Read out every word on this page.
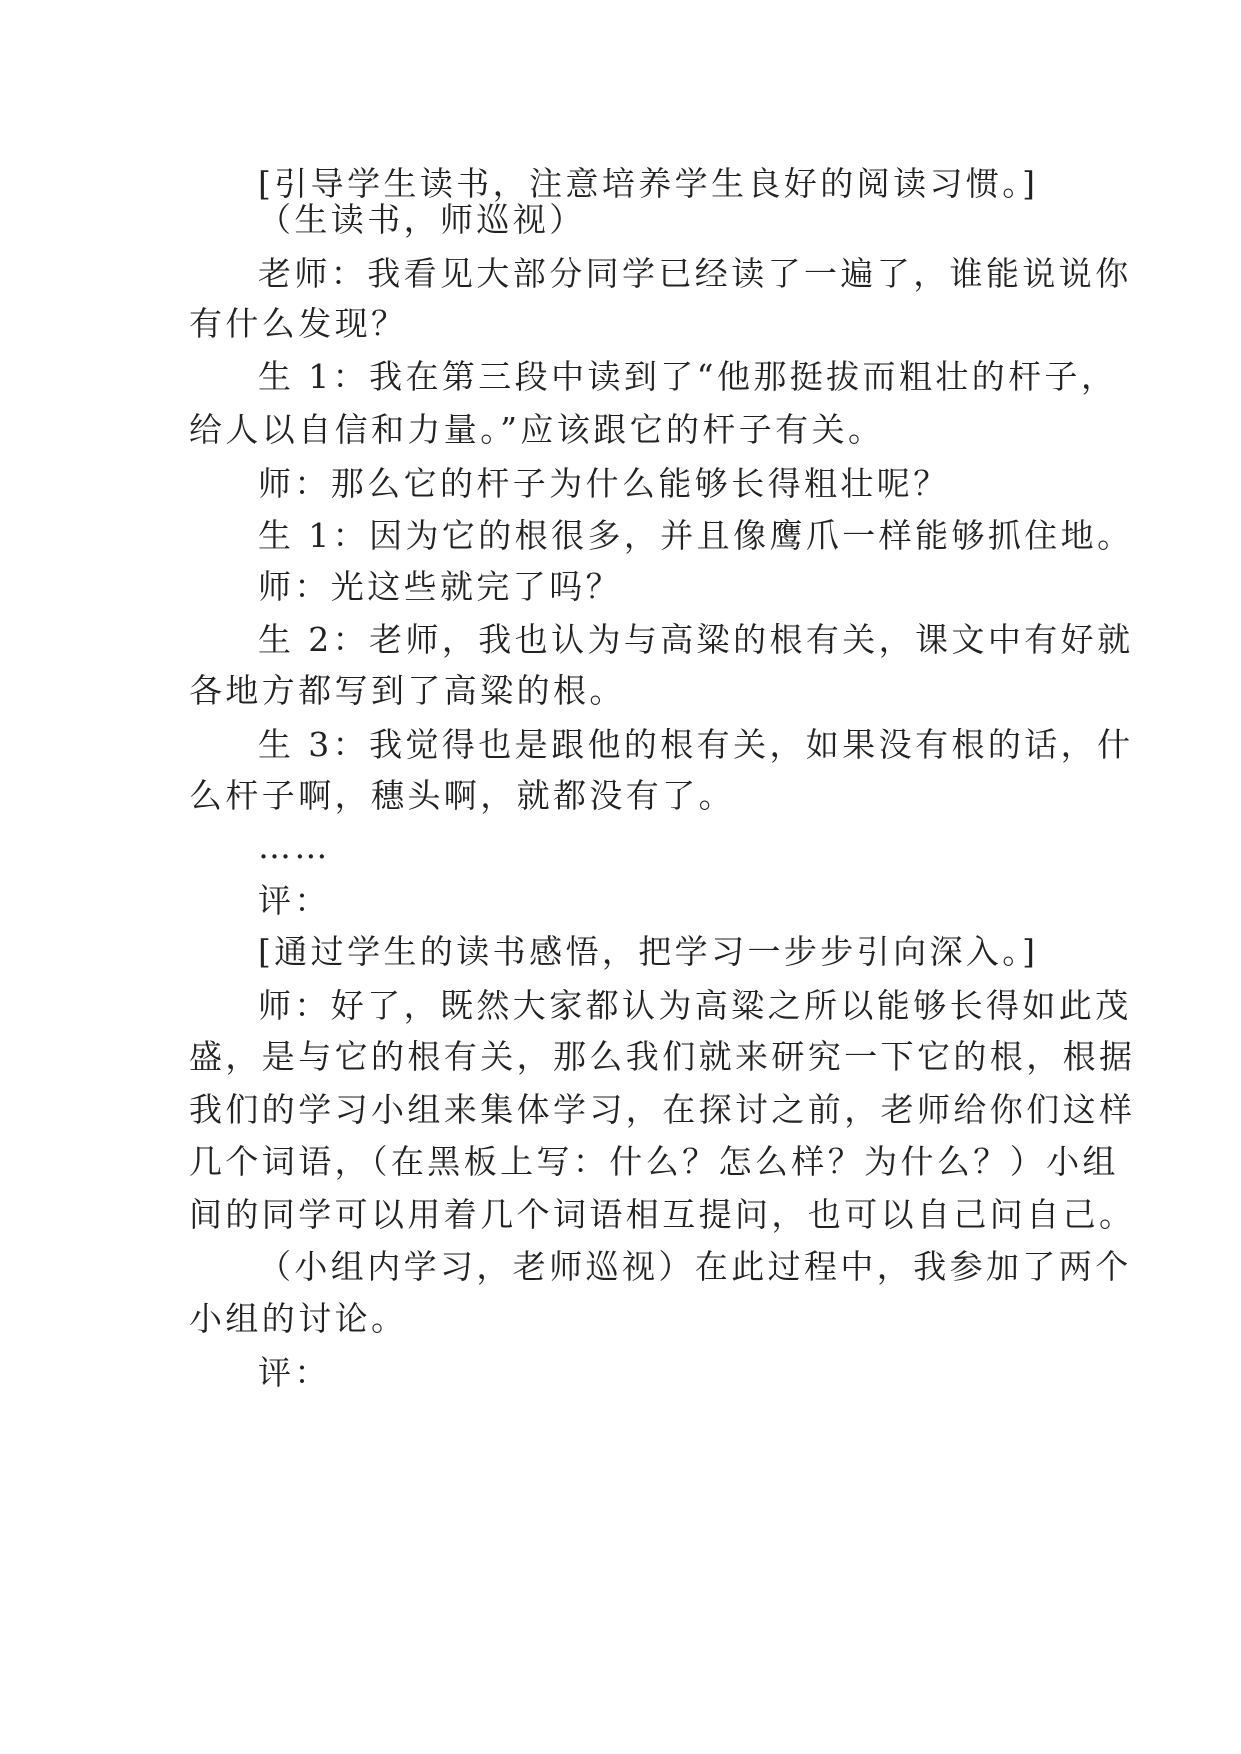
[引导学生读书，注意培养学生良好的阅读习惯。]
（生读书，师巡视）
老师：我看见大部分同学已经读了一遍了，谁能说说你
有什么发现？
生 1：我在第三段中读到了“他那挺拔而粗壮的杆子，
给人以自信和力量。”应该跟它的杆子有关。
师：那么它的杆子为什么能够长得粗壮呢？
生 1：因为它的根很多，并且像鹰爪一样能够抓住地。
师：光这些就完了吗？
生 2：老师，我也认为与高粱的根有关，课文中有好就
各地方都写到了高粱的根。
生 3：我觉得也是跟他的根有关，如果没有根的话，什
么杆子啊，穗头啊，就都没有了。
……
评：
[通过学生的读书感悟，把学习一步步引向深入。]
师：好了，既然大家都认为高粱之所以能够长得如此茂
盛，是与它的根有关，那么我们就来研究一下它的根，根据
我们的学习小组来集体学习，在探讨之前，老师给你们这样
几个词语，（在黑板上写：什么？怎么样？为什么？）小组
间的同学可以用着几个词语相互提问，也可以自己问自己。
（小组内学习，老师巡视）在此过程中，我参加了两个
小组的讨论。
评：
